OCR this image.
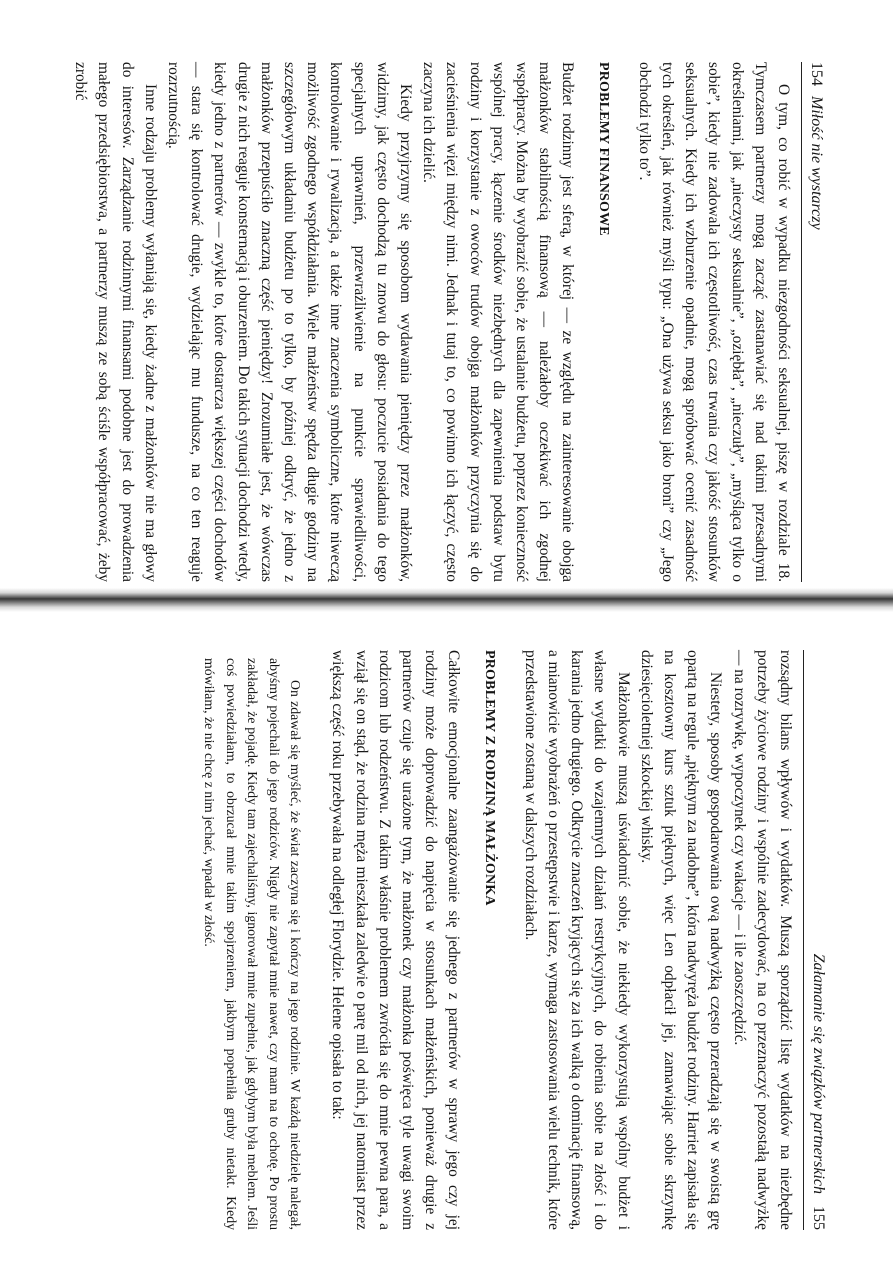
154
Miłość nie wystarczy

O tym, co robić w wypadku niezgodności seksualnej, piszę w rozdziale 18. Tymczasem partnerzy mogą zacząć zastanawiać się nad takimi przesadnymi określeniami, jak „nieczysty seksualnie”, „oziębła”, „nieczuły”, „myśląca tylko o sobie”, kiedy nie zadowala ich częstotliwość, czas trwania czy jakość stosunków seksualnych. Kiedy ich wzburzenie opadnie, mogą spróbować ocenić zasadność tych określeń, jak również myśli typu: „Ona używa seksu jako broni” czy „Jego obchodzi tylko to”.

PROBLEMY FINANSOWE

Budżet rodzinny jest sferą, w której — ze względu na zainteresowanie obojga małżonków stabilnością finansową — należałoby oczekiwać ich zgodnej współpracy. Można by wyobrazić sobie, że ustalanie budżetu, poprzez konieczność wspólnej pracy, łączenie środków niezbędnych dla zapewnienia podstaw bytu rodziny i korzystanie z owoców trudów obojga małżonków przyczynia się do zacieśnienia więzi między nimi. Jednak i tutaj to, co powinno ich łączyć, często zaczyna ich dzielić.

Kiedy przyjrzymy się sposobom wydawania pieniędzy przez małżonków, widzimy, jak często dochodzą tu znowu do głosu: poczucie posiadania do tego specjalnych uprawnień, przewrażliwienie na punkcie sprawiedliwości, kontrolowanie i rywalizacja, a także inne znaczenia symboliczne, które niweczą możliwość zgodnego współdziałania. Wiele małżeństw spędza długie godziny na szczegółowym układaniu budżetu po to tylko, by później odkryć, że jedno z małżonków przepuściło znaczną część pieniędzy! Zrozumiałe jest, że wówczas drugie z nich reaguje konsternacją i oburzeniem. Do takich sytuacji dochodzi wtedy, kiedy jedno z partnerów — zwykle to, które dostarcza większej części dochodów — stara się kontrolować drugie, wydzielając mu fundusze, na co ten reaguje rozrzutnością.

Inne rodzaju problemy wyłaniają się, kiedy żadne z małżonków nie ma głowy do interesów. Zarządzanie rodzinnymi finansami podobne jest do prowadzenia małego przedsiębiorstwa, a partnerzy muszą ze sobą ściśle współpracować, żeby zrobić

Załamanie się związków partnerskich
155

rozsądny bilans wpływów i wydatków. Muszą sporządzić listę wydatków na niezbędne potrzeby życiowe rodziny i wspólnie zadecydować, na co przeznaczyć pozostałą nadwyżkę — na rozrywkę, wypoczynek czy wakacje — i ile zaoszczędzić.

Niestety, sposoby gospodarowania ową nadwyżką często przeradzają się w swoistą grę opartą na regule „pięknym za nadobne”, która nadwyręża budżet rodziny. Harriet zapisała się na kosztowny kurs sztuk pięknych, więc Len odpłacił jej, zamawiając sobie skrzynkę dziesięcioletniej szkockiej whisky.

Małżonkowie muszą uświadomić sobie, że niekiedy wykorzystują wspólny budżet i własne wydatki do wzajemnych działań restrykcyjnych, do robienia sobie na złość i do karania jedno drugiego. Odkrycie znaczeń kryjących się za ich walką o dominację finansową, a mianowicie wyobrażeń o przestępstwie i karze, wymaga zastosowania wielu technik, które przedstawione zostaną w dalszych rozdziałach.

PROBLEMY Z RODZINĄ MAŁŻONKA

Całkowite emocjonalne zaangażowanie się jednego z partnerów w sprawy jego czy jej rodziny może doprowadzić do napięcia w stosunkach małżeńskich, ponieważ drugie z partnerów czuje się urażone tym, że małżonek czy małżonka poświęca tyle uwagi swoim rodzicom lub rodzeństwu. Z takim właśnie problemem zwróciła się do mnie pewna para, a wziął się on stąd, że rodzina męża mieszkała zaledwie o parę mil od nich, jej natomiast przez większą część roku przebywała na odległej Florydzie. Helene opisała to tak:

On zdawał się myśleć, że świat zaczyna się i kończy na jego rodzinie. W każdą niedzielę nalegał, abyśmy pojechali do jego rodziców. Nigdy nie zapytał mnie nawet, czy mam na to ochotę. Po prostu zakładał, że pojadę. Kiedy tam zajechaliśmy, ignorował mnie zupełnie, jak gdybym była meblem. Jeśli coś powiedziałam, to obrzucał mnie takim spojrzeniem, jakbym popełniła gruby nietakt. Kiedy mówiłam, że nie chcę z nim jechać, wpadał w złość.
